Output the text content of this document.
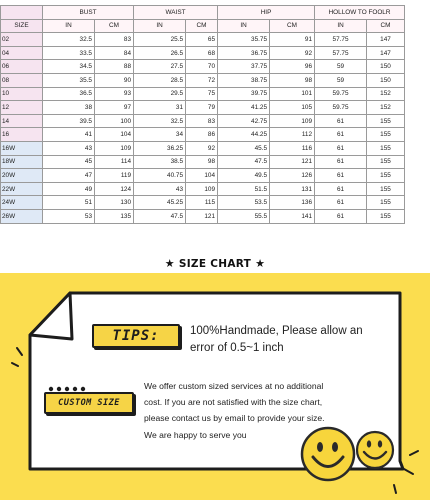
	BUST		WAIST		HIP		HOLLOW TO FOOLR	
SIZE	IN	CM	IN	CM	IN	CM	IN	CM
02	32.5	83	25.5	65	35.75	91	57.75	147
04	33.5	84	26.5	68	36.75	92	57.75	147
06	34.5	88	27.5	70	37.75	96	59	150
08	35.5	90	28.5	72	38.75	98	59	150
10	36.5	93	29.5	75	39.75	101	59.75	152
12	38	97	31	79	41.25	105	59.75	152
14	39.5	100	32.5	83	42.75	109	61	155
16	41	104	34	86	44.25	112	61	155
16W	43	109	36.25	92	45.5	116	61	155
18W	45	114	38.5	98	47.5	121	61	155
20W	47	119	40.75	104	49.5	126	61	155
22W	49	124	43	109	51.5	131	61	155
24W	51	130	45.25	115	53.5	136	61	155
26W	53	135	47.5	121	55.5	141	61	155
★ SIZE CHART ★
TIPS:	100%Handmade, Please allow an error of 0.5~1 inch
CUSTOM SIZE
We offer custom sized services at no additional
cost. If you are not satisfied with the size chart,
please contact us by email to provide your size.
We are happy to serve you
